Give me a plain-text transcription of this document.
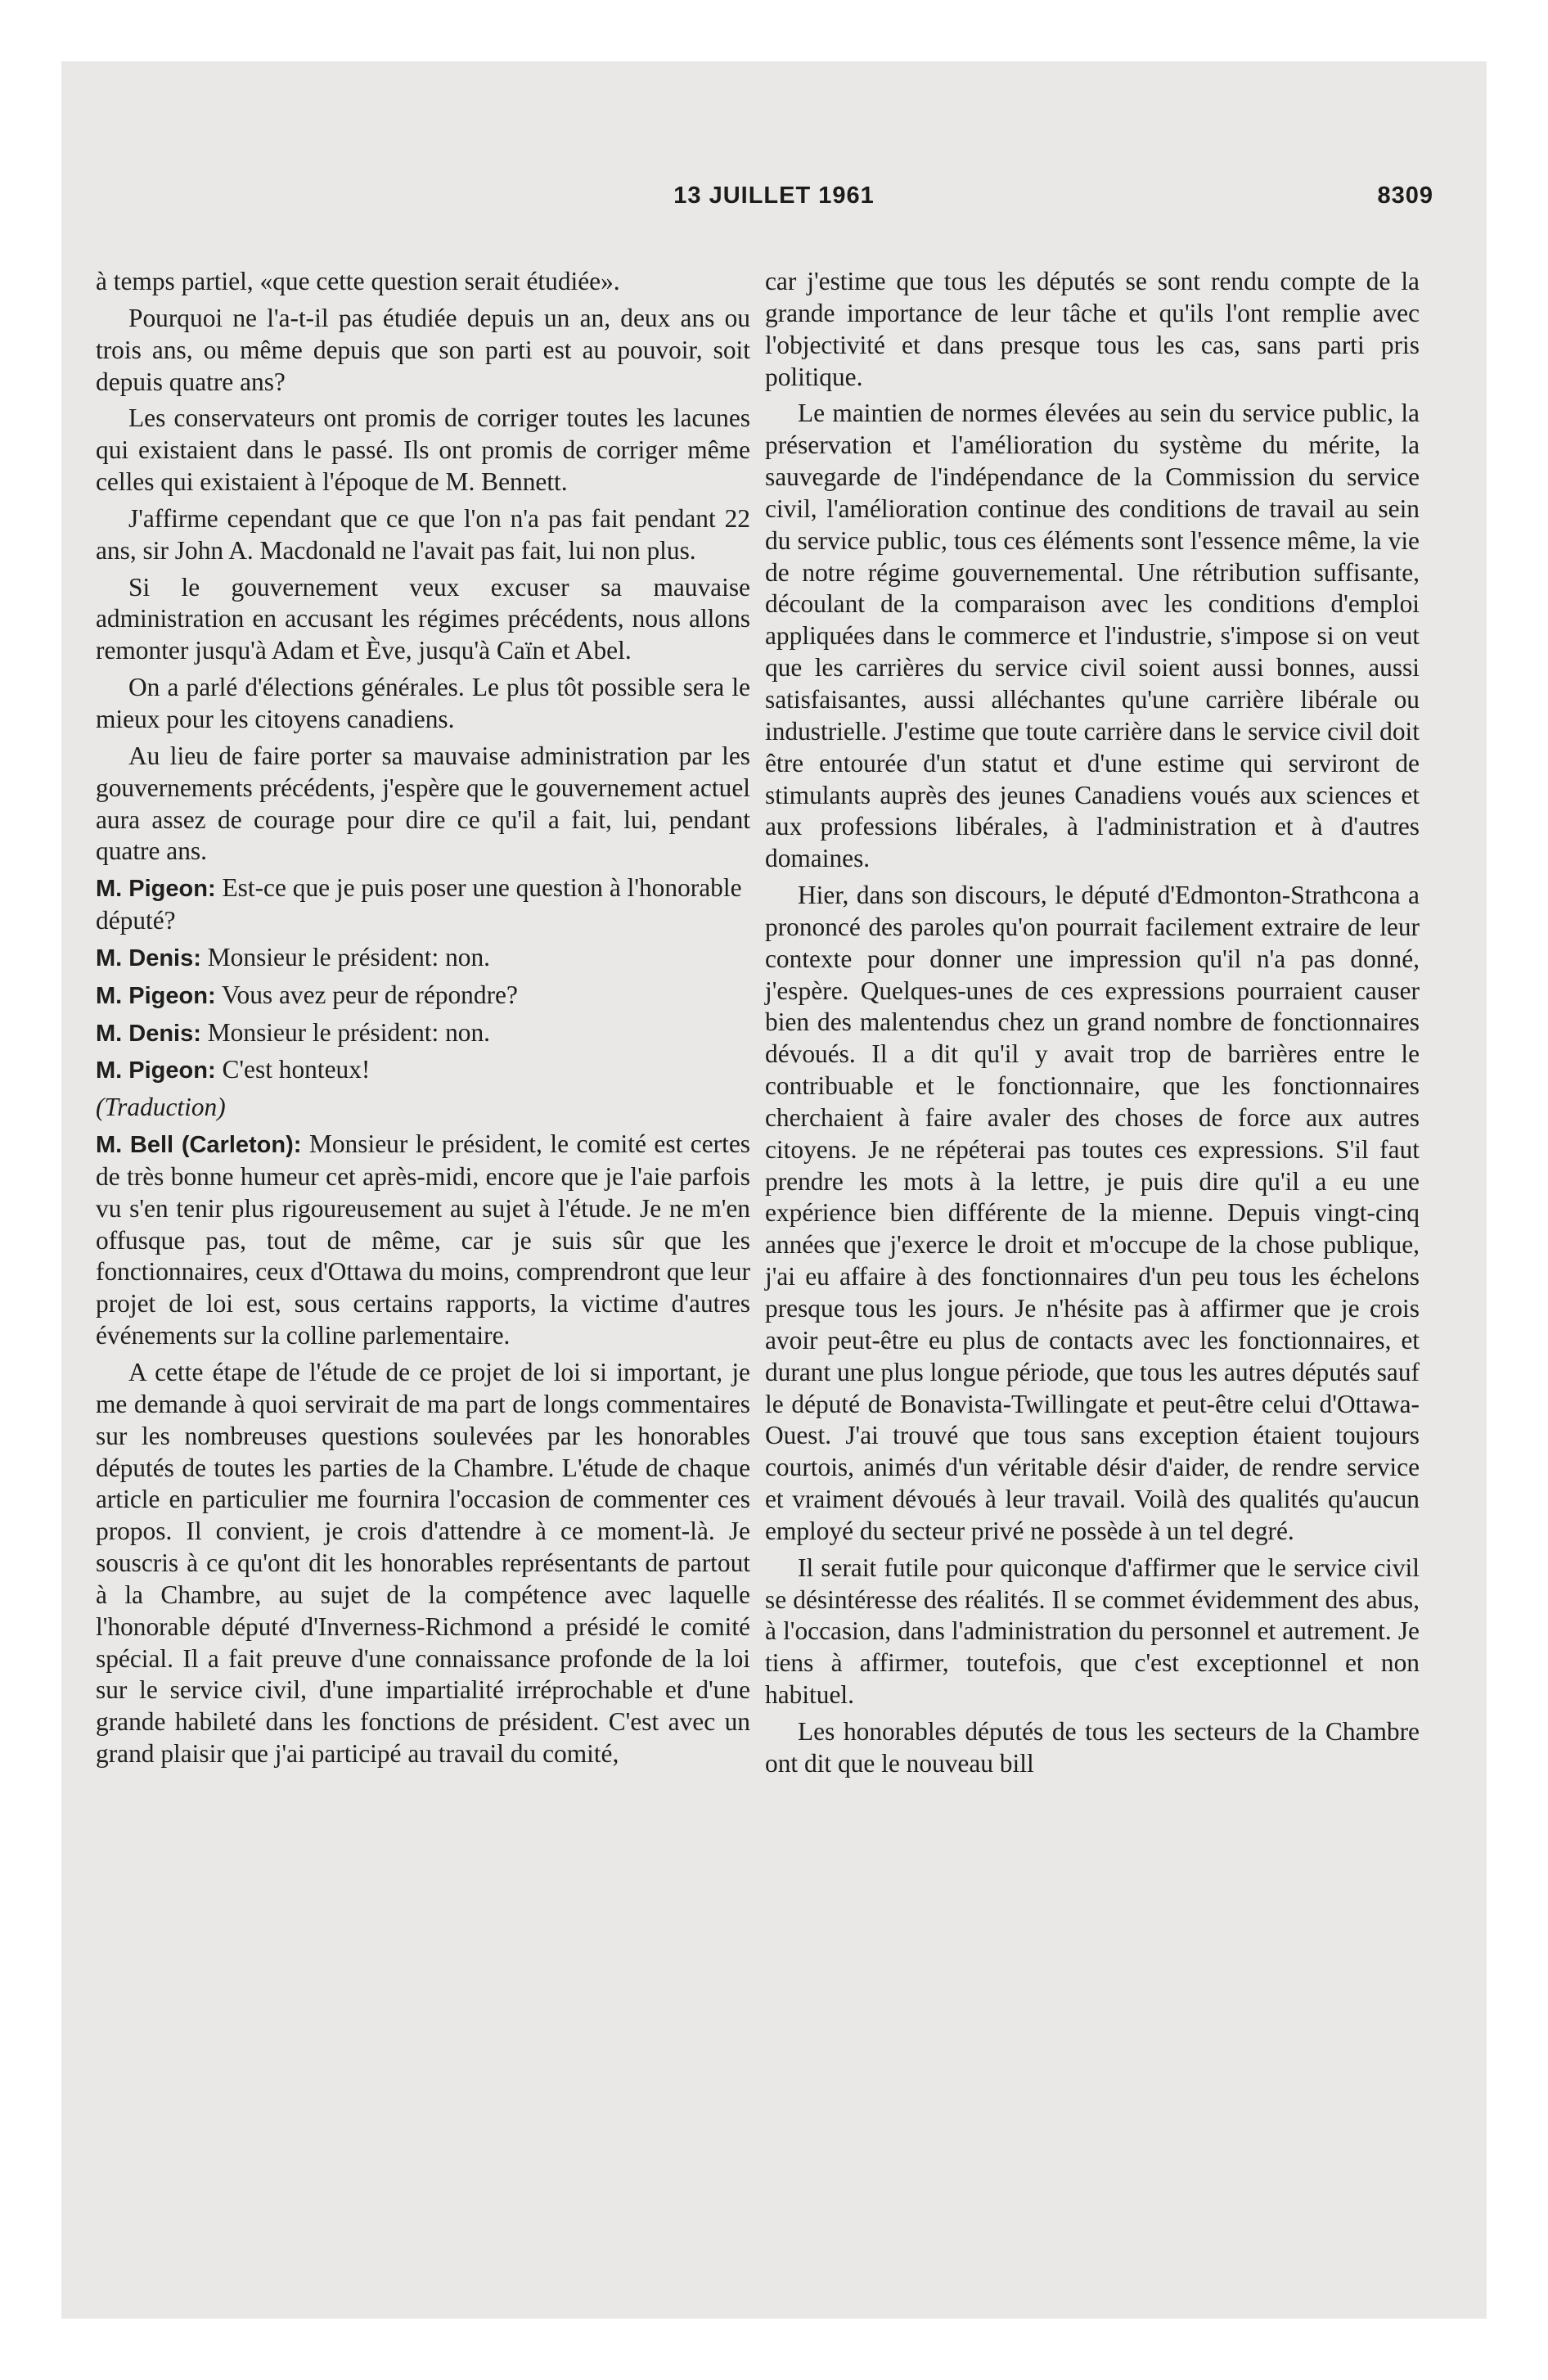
13 JUILLET 1961	8309

à temps partiel, «que cette question serait étudiée».

Pourquoi ne l'a-t-il pas étudiée depuis un an, deux ans ou trois ans, ou même depuis que son parti est au pouvoir, soit depuis quatre ans?

Les conservateurs ont promis de corriger toutes les lacunes qui existaient dans le passé. Ils ont promis de corriger même celles qui existaient à l'époque de M. Bennett.

J'affirme cependant que ce que l'on n'a pas fait pendant 22 ans, sir John A. Macdonald ne l'avait pas fait, lui non plus.

Si le gouvernement veux excuser sa mauvaise administration en accusant les régimes précédents, nous allons remonter jusqu'à Adam et Ève, jusqu'à Caïn et Abel.

On a parlé d'élections générales. Le plus tôt possible sera le mieux pour les citoyens canadiens.

Au lieu de faire porter sa mauvaise administration par les gouvernements précédents, j'espère que le gouvernement actuel aura assez de courage pour dire ce qu'il a fait, lui, pendant quatre ans.

M. Pigeon: Est-ce que je puis poser une question à l'honorable député?

M. Denis: Monsieur le président: non.

M. Pigeon: Vous avez peur de répondre?

M. Denis: Monsieur le président: non.

M. Pigeon: C'est honteux!

(Traduction)

M. Bell (Carleton): Monsieur le président, le comité est certes de très bonne humeur cet après-midi, encore que je l'aie parfois vu s'en tenir plus rigoureusement au sujet à l'étude. Je ne m'en offusque pas, tout de même, car je suis sûr que les fonctionnaires, ceux d'Ottawa du moins, comprendront que leur projet de loi est, sous certains rapports, la victime d'autres événements sur la colline parlementaire.

A cette étape de l'étude de ce projet de loi si important, je me demande à quoi servirait de ma part de longs commentaires sur les nombreuses questions soulevées par les honorables députés de toutes les parties de la Chambre. L'étude de chaque article en particulier me fournira l'occasion de commenter ces propos. Il convient, je crois d'attendre à ce moment-là. Je souscris à ce qu'ont dit les honorables représentants de partout à la Chambre, au sujet de la compétence avec laquelle l'honorable député d'Inverness-Richmond a présidé le comité spécial. Il a fait preuve d'une connaissance profonde de la loi sur le service civil, d'une impartialité irréprochable et d'une grande habileté dans les fonctions de président. C'est avec un grand plaisir que j'ai participé au travail du comité,

car j'estime que tous les députés se sont rendu compte de la grande importance de leur tâche et qu'ils l'ont remplie avec l'objectivité et dans presque tous les cas, sans parti pris politique.

Le maintien de normes élevées au sein du service public, la préservation et l'amélioration du système du mérite, la sauvegarde de l'indépendance de la Commission du service civil, l'amélioration continue des conditions de travail au sein du service public, tous ces éléments sont l'essence même, la vie de notre régime gouvernemental. Une rétribution suffisante, découlant de la comparaison avec les conditions d'emploi appliquées dans le commerce et l'industrie, s'impose si on veut que les carrières du service civil soient aussi bonnes, aussi satisfaisantes, aussi alléchantes qu'une carrière libérale ou industrielle. J'estime que toute carrière dans le service civil doit être entourée d'un statut et d'une estime qui serviront de stimulants auprès des jeunes Canadiens voués aux sciences et aux professions libérales, à l'administration et à d'autres domaines.

Hier, dans son discours, le député d'Edmonton-Strathcona a prononcé des paroles qu'on pourrait facilement extraire de leur contexte pour donner une impression qu'il n'a pas donné, j'espère. Quelques-unes de ces expressions pourraient causer bien des malentendus chez un grand nombre de fonctionnaires dévoués. Il a dit qu'il y avait trop de barrières entre le contribuable et le fonctionnaire, que les fonctionnaires cherchaient à faire avaler des choses de force aux autres citoyens. Je ne répéterai pas toutes ces expressions. S'il faut prendre les mots à la lettre, je puis dire qu'il a eu une expérience bien différente de la mienne. Depuis vingt-cinq années que j'exerce le droit et m'occupe de la chose publique, j'ai eu affaire à des fonctionnaires d'un peu tous les échelons presque tous les jours. Je n'hésite pas à affirmer que je crois avoir peut-être eu plus de contacts avec les fonctionnaires, et durant une plus longue période, que tous les autres députés sauf le député de Bonavista-Twillingate et peut-être celui d'Ottawa-Ouest. J'ai trouvé que tous sans exception étaient toujours courtois, animés d'un véritable désir d'aider, de rendre service et vraiment dévoués à leur travail. Voilà des qualités qu'aucun employé du secteur privé ne possède à un tel degré.

Il serait futile pour quiconque d'affirmer que le service civil se désintéresse des réalités. Il se commet évidemment des abus, à l'occasion, dans l'administration du personnel et autrement. Je tiens à affirmer, toutefois, que c'est exceptionnel et non habituel.

Les honorables députés de tous les secteurs de la Chambre ont dit que le nouveau bill
